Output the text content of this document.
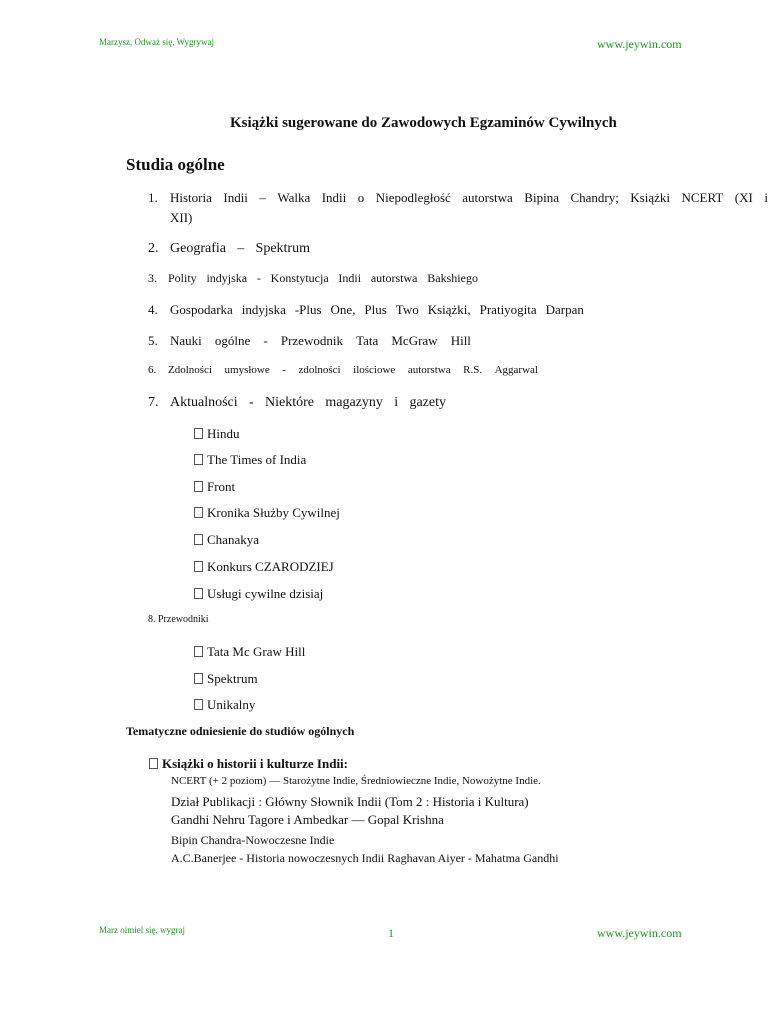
Marzysz, Odważ się, Wygrywaj	www.jeywin.com
Książki sugerowane do Zawodowych Egzaminów Cywilnych
Studia ogólne
1. Historia Indii – Walka Indii o Niepodległość autorstwa Bipina Chandry; Książki NCERT (XI i
XII)
2. Geografia – Spektrum
3. Polity indyjska - Konstytucja Indii autorstwa Bakshiego
4. Gospodarka indyjska -Plus One, Plus Two Książki, Pratiyogita Darpan
5. Nauki ogólne - Przewodnik Tata McGraw Hill
6.	Zdolności umysłowe - zdolności ilościowe autorstwa R.S. Aggarwal
7. Aktualności - Niektóre magazyny i gazety
Hindu
The Times of India
Front
Kronika Służby Cywilnej
Chanakya
Konkurs CZARODZIEJ
Usługi cywilne dzisiaj
8. Przewodniki
Tata Mc Graw Hill
Spektrum
Unikalny
Tematyczne odniesienie do studiów ogólnych
Książki o historii i kulturze Indii:
NCERT (+ 2 poziom) — Starożytne Indie, Średniowieczne Indie, Nowożytne Indie.
Dział Publikacji : Główny Słownik Indii (Tom 2 : Historia i Kultura)
Gandhi Nehru Tagore i Ambedkar — Gopal Krishna
Bipin Chandra-Nowoczesne Indie
A.C.Banerjee - Historia nowoczesnych Indii Raghavan Aiyer - Mahatma Gandhi
Marz oimiel się, wygraj	1	www.jeywin.com
